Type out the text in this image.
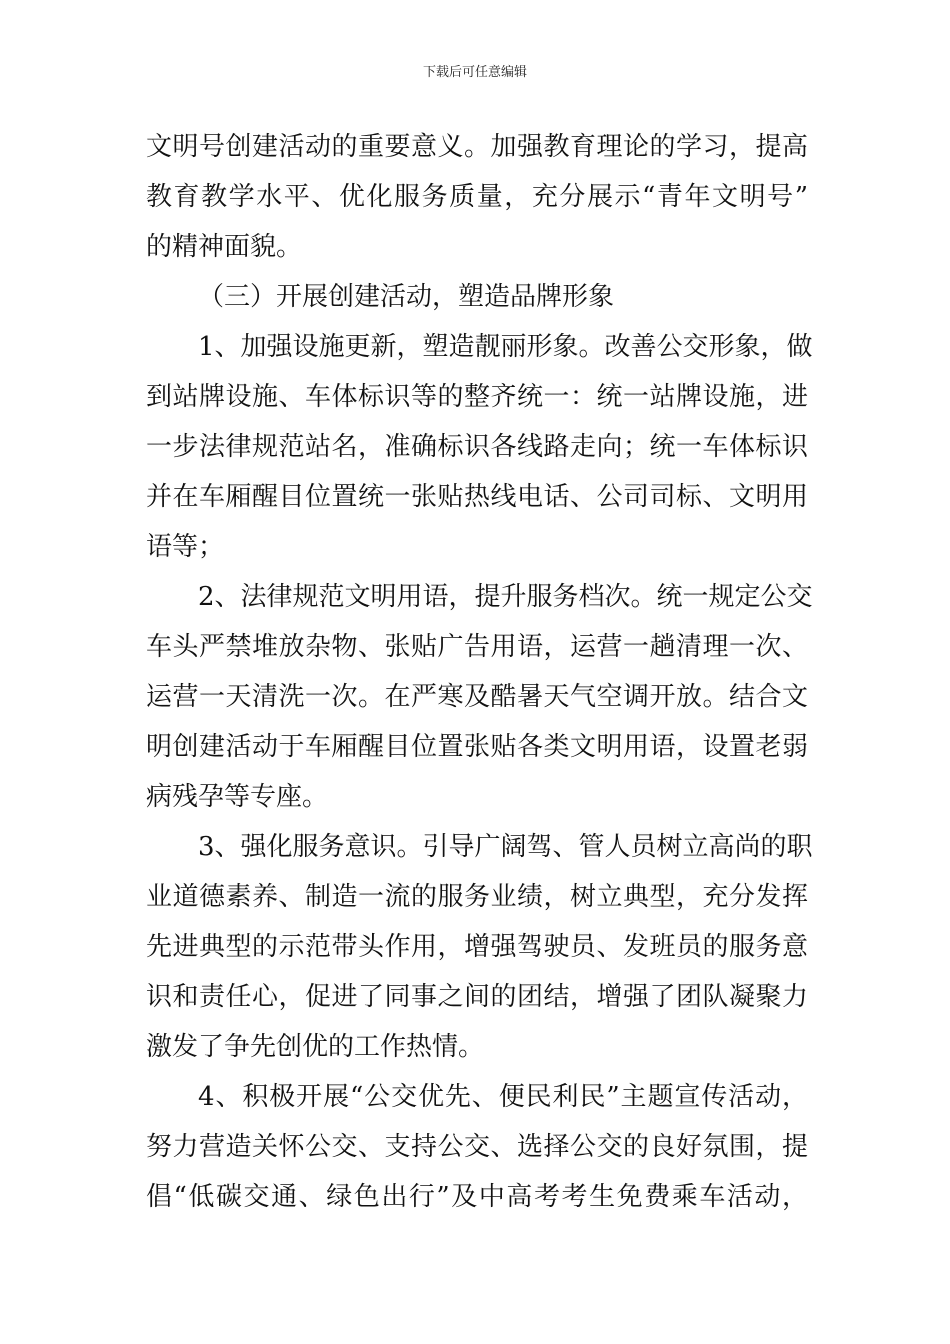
下载后可任意编辑
文明号创建活动的重要意义。加强教育理论的学习，提高
教育教学水平、优化服务质量，充分展示“青年文明号”
的精神面貌。
（三）开展创建活动，塑造品牌形象
1、加强设施更新，塑造靓丽形象。改善公交形象，做
到站牌设施、车体标识等的整齐统一：统一站牌设施，进
一步法律规范站名，准确标识各线路走向；统一车体标识
并在车厢醒目位置统一张贴热线电话、公司司标、文明用
语等；
2、法律规范文明用语，提升服务档次。统一规定公交
车头严禁堆放杂物、张贴广告用语，运营一趟清理一次、
运营一天清洗一次。在严寒及酷暑天气空调开放。结合文
明创建活动于车厢醒目位置张贴各类文明用语，设置老弱
病残孕等专座。
3、强化服务意识。引导广阔驾、管人员树立高尚的职
业道德素养、制造一流的服务业绩，树立典型，充分发挥
先进典型的示范带头作用，增强驾驶员、发班员的服务意
识和责任心，促进了同事之间的团结，增强了团队凝聚力
激发了争先创优的工作热情。
4、积极开展“公交优先、便民利民”主题宣传活动，
努力营造关怀公交、支持公交、选择公交的良好氛围，提
倡“低碳交通、绿色出行”及中高考考生免费乘车活动，
